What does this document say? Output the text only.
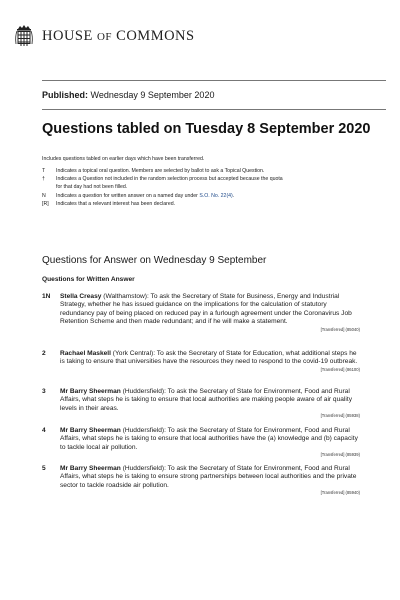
HOUSE OF COMMONS
Published: Wednesday 9 September 2020
Questions tabled on Tuesday 8 September 2020
Includes questions tabled on earlier days which have been transferred.
T	Indicates a topical oral question. Members are selected by ballot to ask a Topical Question.
†	Indicates a Question not included in the random selection process but accepted because the quota for that day had not been filled.
N	Indicates a question for written answer on a named day under S.O. No. 22(4).
[R]	Indicates that a relevant interest has been declared.
Questions for Answer on Wednesday 9 September
Questions for Written Answer
1N Stella Creasy (Walthamstow): To ask the Secretary of State for Business, Energy and Industrial Strategy, whether he has issued guidance on the implications for the calculation of statutory redundancy pay of being placed on reduced pay in a furlough agreement under the Coronavirus Job Retention Scheme and then made redundant; and if he will make a statement.
[Transferred] (85040)
2 Rachael Maskell (York Central): To ask the Secretary of State for Education, what additional steps he is taking to ensure that universities have the resources they need to respond to the covid-19 outbreak.
[Transferred] (86100)
3 Mr Barry Sheerman (Huddersfield): To ask the Secretary of State for Environment, Food and Rural Affairs, what steps he is taking to ensure that local authorities are making people aware of air quality levels in their areas.
[Transferred] (85938)
4 Mr Barry Sheerman (Huddersfield): To ask the Secretary of State for Environment, Food and Rural Affairs, what steps he is taking to ensure that local authorities have the (a) knowledge and (b) capacity to tackle local air pollution.
[Transferred] (85939)
5 Mr Barry Sheerman (Huddersfield): To ask the Secretary of State for Environment, Food and Rural Affairs, what steps he is taking to ensure strong partnerships between local authorities and the private sector to tackle roadside air pollution.
[Transferred] (85940)
